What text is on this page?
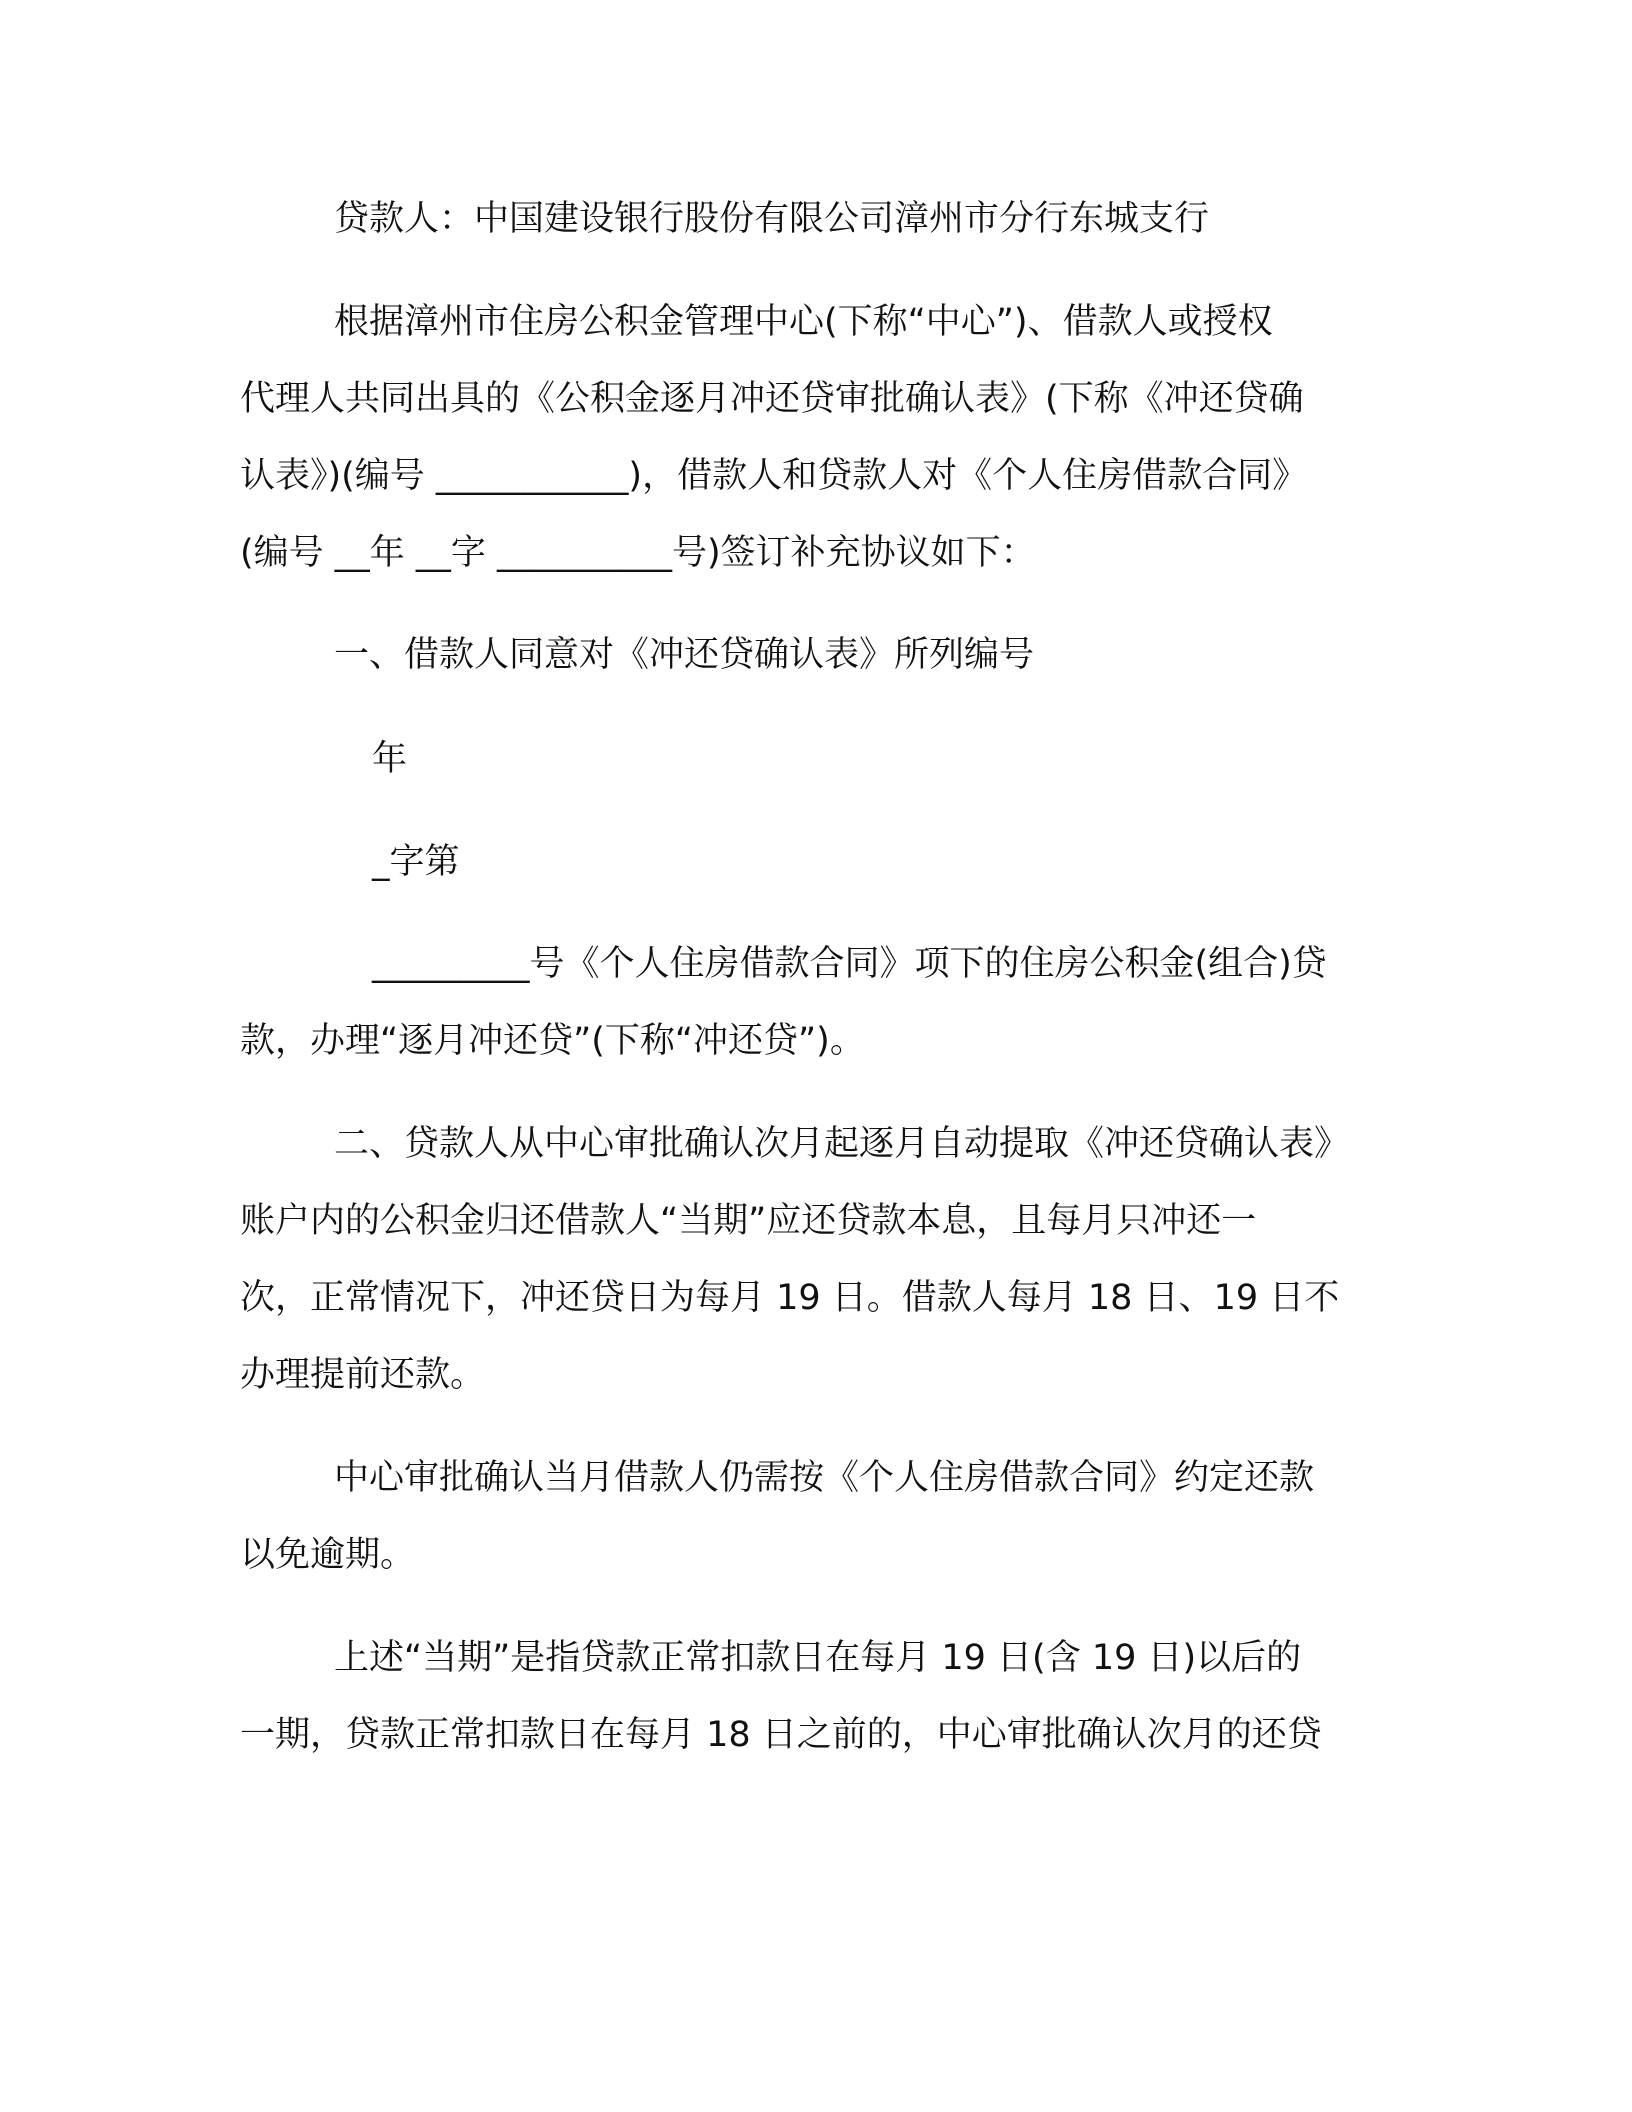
贷款人：中国建设银行股份有限公司漳州市分行东城支行
根据漳州市住房公积金管理中心(下称“中心”)、借款人或授权
代理人共同出具的《公积金逐月冲还贷审批确认表》(下称《冲还贷确
认表》)(编号 ___________)，借款人和贷款人对《个人住房借款合同》
(编号 __年 __字 __________号)签订补充协议如下：
一、借款人同意对《冲还贷确认表》所列编号
年
_字第
_________号《个人住房借款合同》项下的住房公积金(组合)贷
款，办理“逐月冲还贷”(下称“冲还贷”)。
二、贷款人从中心审批确认次月起逐月自动提取《冲还贷确认表》
账户内的公积金归还借款人“当期”应还贷款本息，且每月只冲还一
次，正常情况下，冲还贷日为每月 19 日。借款人每月 18 日、19 日不
办理提前还款。
中心审批确认当月借款人仍需按《个人住房借款合同》约定还款
以免逾期。
上述“当期”是指贷款正常扣款日在每月 19 日(含 19 日)以后的
一期，贷款正常扣款日在每月 18 日之前的，中心审批确认次月的还贷
